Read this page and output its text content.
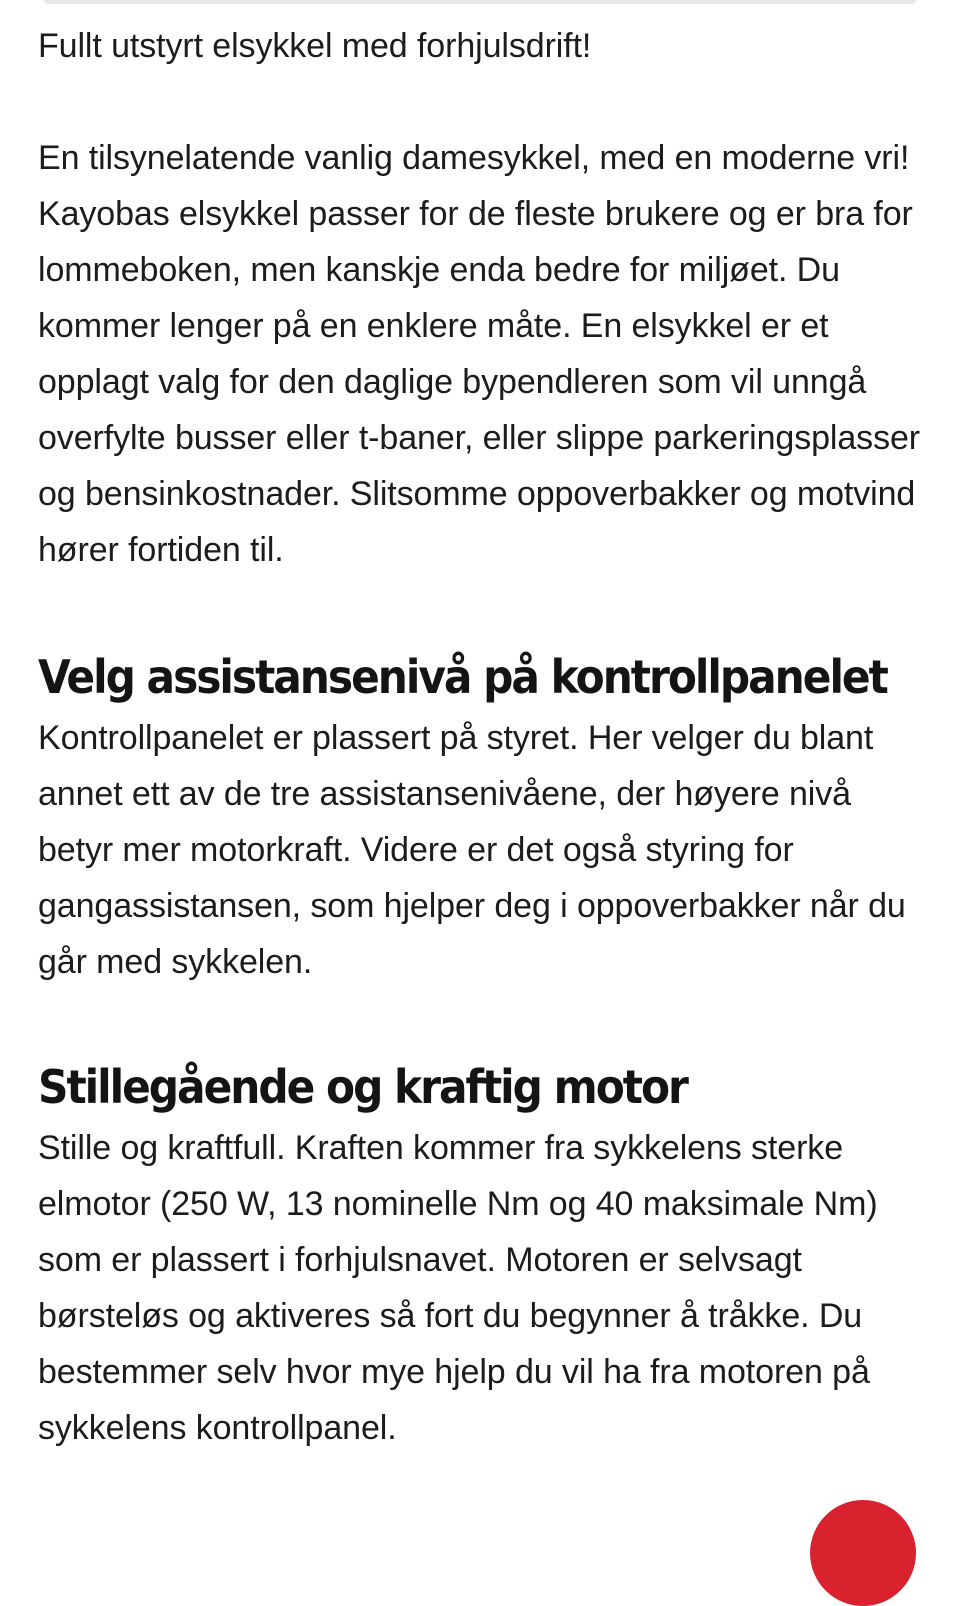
Fullt utstyrt elsykkel med forhjulsdrift!

En tilsynelatende vanlig damesykkel, med en moderne vri! Kayobas elsykkel passer for de fleste brukere og er bra for lommeboken, men kanskje enda bedre for miljøet. Du kommer lenger på en enklere måte. En elsykkel er et opplagt valg for den daglige bypendleren som vil unngå overfylte busser eller t-baner, eller slippe parkeringsplasser og bensinkostnader. Slitsomme oppoverbakker og motvind hører fortiden til.

Velg assistansenivå på kontrollpanelet

Kontrollpanelet er plassert på styret. Her velger du blant annet ett av de tre assistansenivåene, der høyere nivå betyr mer motorkraft. Videre er det også styring for gangassistansen, som hjelper deg i oppoverbakker når du går med sykkelen.

Stillegående og kraftig motor

Stille og kraftfull. Kraften kommer fra sykkelens sterke elmotor (250 W, 13 nominelle Nm og 40 maksimale Nm) som er plassert i forhjulsnavet. Motoren er selvsagt børsteløs og aktiveres så fort du begynner å tråkke. Du bestemmer selv hvor mye hjelp du vil ha fra motoren på sykkelens kontrollpanel.
